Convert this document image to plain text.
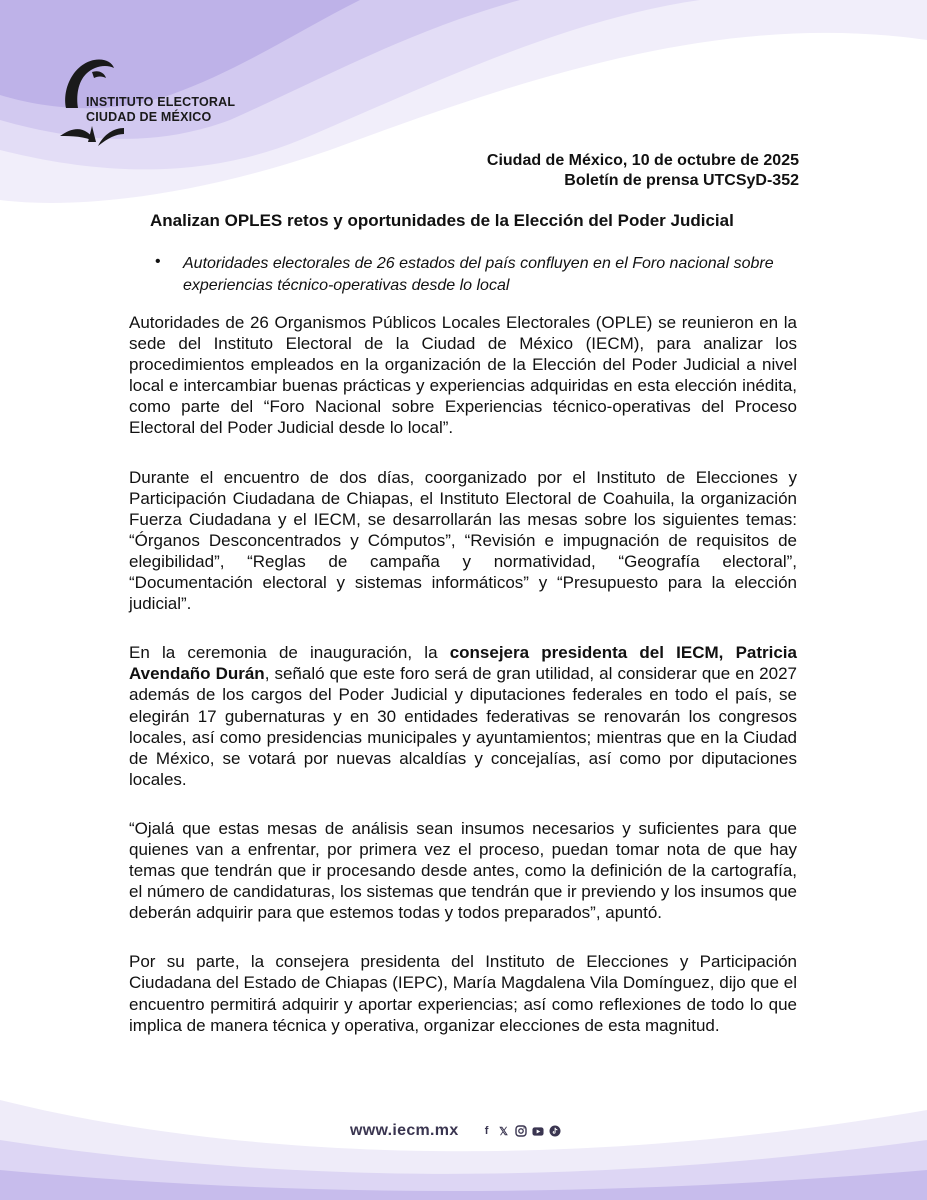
INSTITUTO ELECTORAL
CIUDAD DE MÉXICO
Ciudad de México, 10 de octubre de 2025
Boletín de prensa UTCSyD-352
Analizan OPLES retos y oportunidades de la Elección del Poder Judicial
• Autoridades electorales de 26 estados del país confluyen en el Foro nacional sobre experiencias técnico-operativas desde lo local

Autoridades de 26 Organismos Públicos Locales Electorales (OPLE) se reunieron en la sede del Instituto Electoral de la Ciudad de México (IECM), para analizar los procedimientos empleados en la organización de la Elección del Poder Judicial a nivel local e intercambiar buenas prácticas y experiencias adquiridas en esta elección inédita, como parte del “Foro Nacional sobre Experiencias técnico-operativas del Proceso Electoral del Poder Judicial desde lo local”.

Durante el encuentro de dos días, coorganizado por el Instituto de Elecciones y Participación Ciudadana de Chiapas, el Instituto Electoral de Coahuila, la organización Fuerza Ciudadana y el IECM, se desarrollarán las mesas sobre los siguientes temas: “Órganos Desconcentrados y Cómputos”, “Revisión e impugnación de requisitos de elegibilidad”, “Reglas de campaña y normatividad, “Geografía electoral”, “Documentación electoral y sistemas informáticos” y “Presupuesto para la elección judicial”.

En la ceremonia de inauguración, la consejera presidenta del IECM, Patricia Avendaño Durán, señaló que este foro será de gran utilidad, al considerar que en 2027 además de los cargos del Poder Judicial y diputaciones federales en todo el país, se elegirán 17 gubernaturas y en 30 entidades federativas se renovarán los congresos locales, así como presidencias municipales y ayuntamientos; mientras que en la Ciudad de México, se votará por nuevas alcaldías y concejalías, así como por diputaciones locales.

“Ojalá que estas mesas de análisis sean insumos necesarios y suficientes para que quienes van a enfrentar, por primera vez el proceso, puedan tomar nota de que hay temas que tendrán que ir procesando desde antes, como la definición de la cartografía, el número de candidaturas, los sistemas que tendrán que ir previendo y los insumos que deberán adquirir para que estemos todas y todos preparados”, apuntó.

Por su parte, la consejera presidenta del Instituto de Elecciones y Participación Ciudadana del Estado de Chiapas (IEPC), María Magdalena Vila Domínguez, dijo que el encuentro permitirá adquirir y aportar experiencias; así como reflexiones de todo lo que implica de manera técnica y operativa, organizar elecciones de esta magnitud.

www.iecm.mx	f 𝕏
